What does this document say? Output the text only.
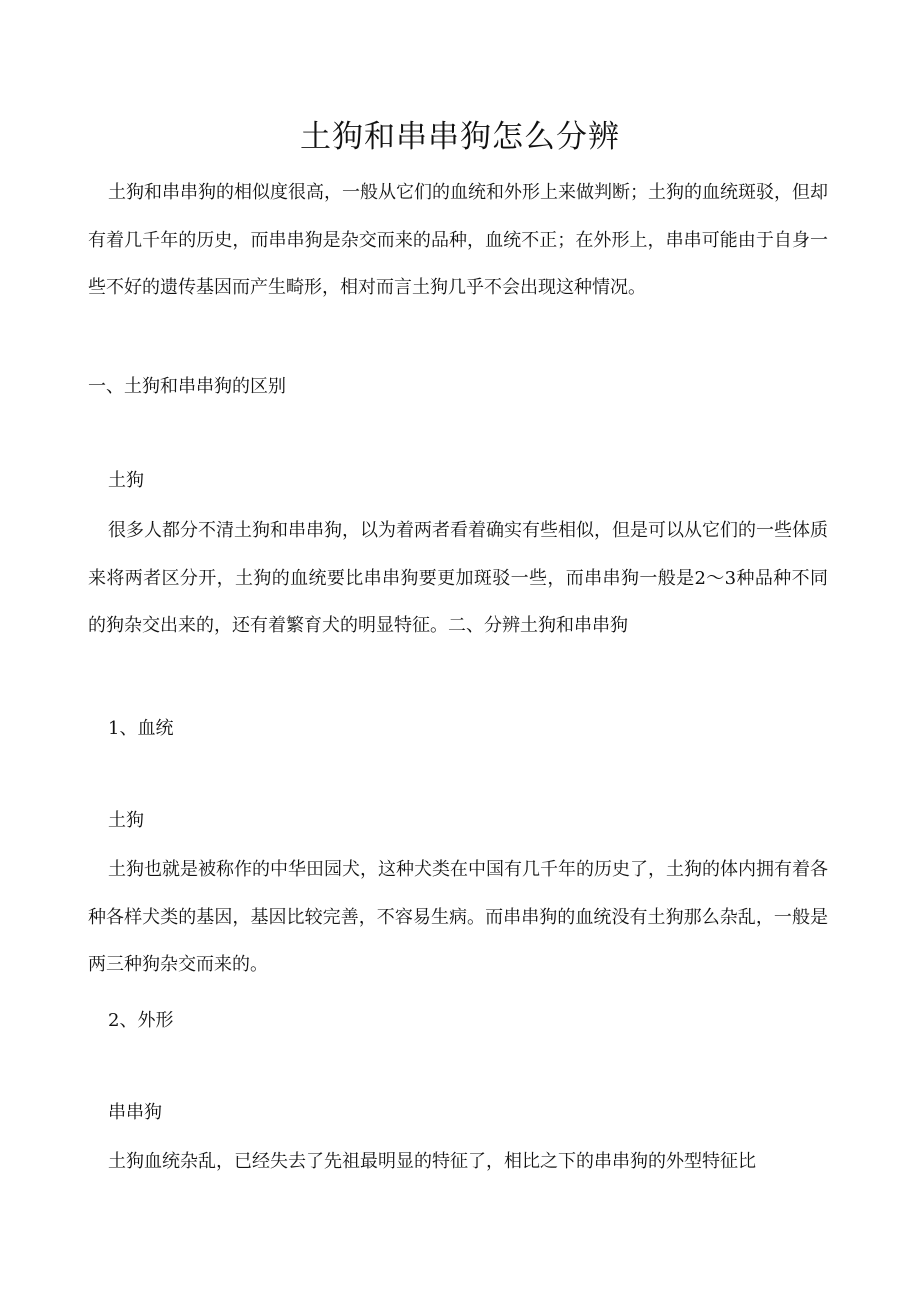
土狗和串串狗怎么分辨
土狗和串串狗的相似度很高，一般从它们的血统和外形上来做判断；土狗的血统斑驳，但却有着几千年的历史，而串串狗是杂交而来的品种，血统不正；在外形上，串串可能由于自身一些不好的遗传基因而产生畸形，相对而言土狗几乎不会出现这种情况。
一、土狗和串串狗的区别
土狗
很多人都分不清土狗和串串狗，以为着两者看着确实有些相似，但是可以从它们的一些体质来将两者区分开，土狗的血统要比串串狗要更加斑驳一些，而串串狗一般是2～3种品种不同的狗杂交出来的，还有着繁育犬的明显特征。二、分辨土狗和串串狗
1、血统
土狗
土狗也就是被称作的中华田园犬，这种犬类在中国有几千年的历史了，土狗的体内拥有着各种各样犬类的基因，基因比较完善，不容易生病。而串串狗的血统没有土狗那么杂乱，一般是两三种狗杂交而来的。
2、外形
串串狗
土狗血统杂乱，已经失去了先祖最明显的特征了，相比之下的串串狗的外型特征比
